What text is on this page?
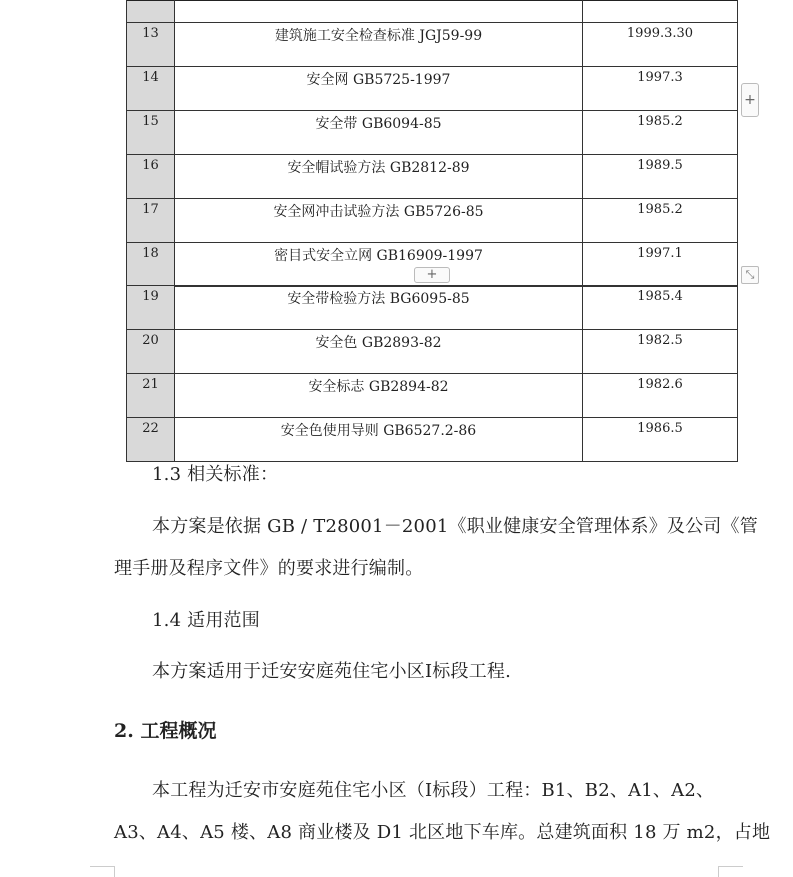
13	建筑施工安全检查标准 JGJ59-99	1999.3.30
14	安全网 GB5725-1997	1997.3
15	安全带 GB6094-85	1985.2
16	安全帽试验方法 GB2812-89	1989.5
17	安全网冲击试验方法 GB5726-85	1985.2
18	密目式安全立网 GB16909-1997	1997.1
+
+	⤡
19	安全带检验方法 BG6095-85	1985.4
20	安全色 GB2893-82	1982.5
21	安全标志 GB2894-82	1982.6
22	安全色使用导则 GB6527.2-86	1986.5
1.3 相关标准：
本方案是依据 GB / T28001－2001《职业健康安全管理体系》及公司《管
理手册及程序文件》的要求进行编制。
1.4 适用范围
本方案适用于迁安安庭苑住宅小区Ⅰ标段工程.
2. 工程概况
本工程为迁安市安庭苑住宅小区（Ⅰ标段）工程：B1、B2、A1、A2、
A3、A4、A5 楼、A8 商业楼及 D1 北区地下车库。总建筑面积 18 万 m2，占地
